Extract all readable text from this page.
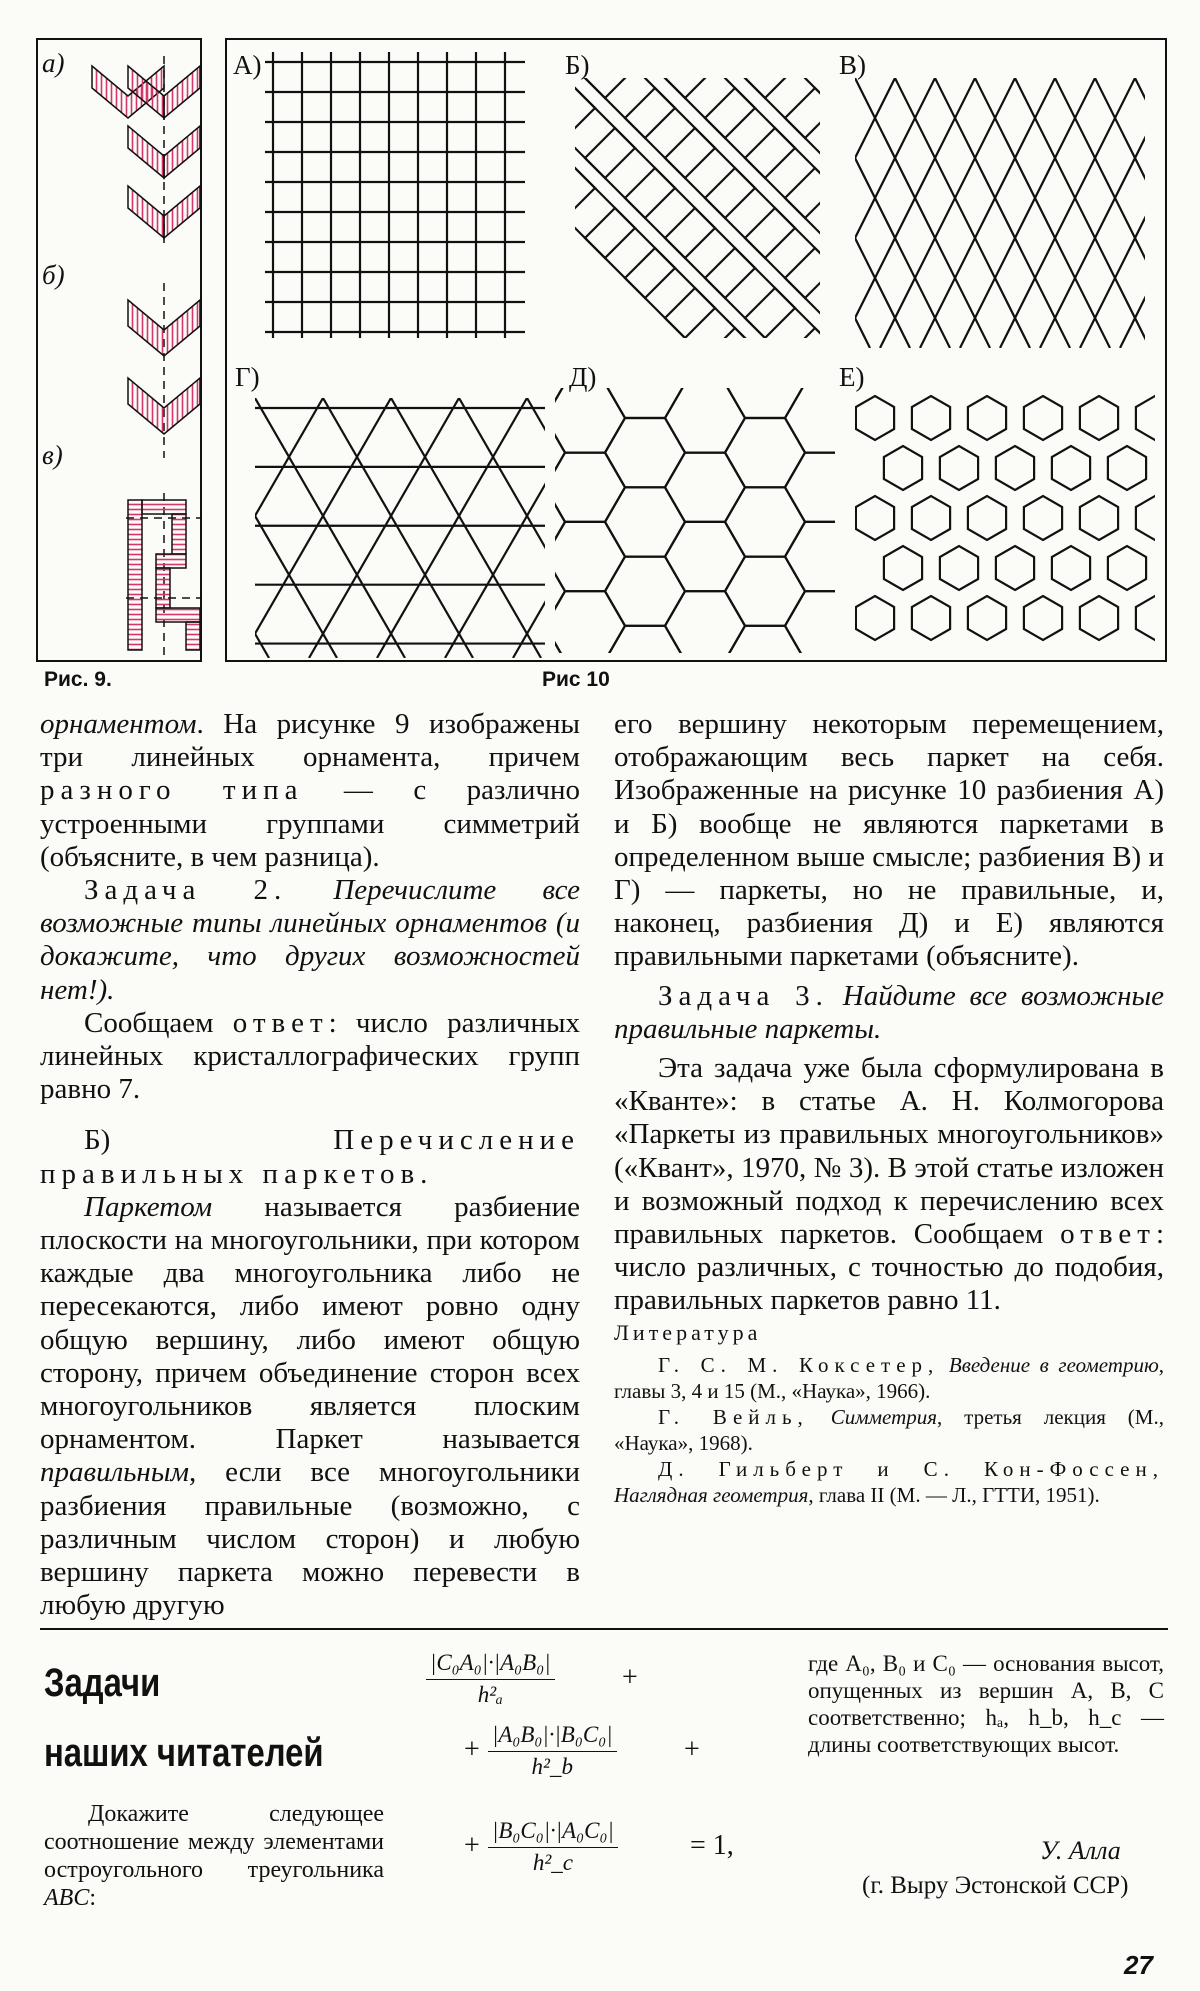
а)
б)
в)
Рис. 9.
А)	Б)	В)
Г)	Д)	Е)
Рис 10

орнаментом. На рисунке 9 изображены три линейных орнамента, причем разного типа — с различно устроенными группами симметрий (объясните, в чем разница).

Задача 2. Перечислите все возможные типы линейных орнаментов (и докажите, что других возможностей нет!).

Сообщаем ответ: число различных линейных кристаллографических групп равно 7.

Б) Перечисление правильных паркетов.

Паркетом называется разбиение плоскости на многоугольники, при котором каждые два многоугольника либо не пересекаются, либо имеют ровно одну общую вершину, либо имеют общую сторону, причем объединение сторон всех многоугольников является плоским орнаментом. Паркет называется правильным, если все многоугольники разбиения правильные (возможно, с различным числом сторон) и любую вершину паркета можно перевести в любую другую

его вершину некоторым перемещением, отображающим весь паркет на себя. Изображенные на рисунке 10 разбиения А) и Б) вообще не являются паркетами в определенном выше смысле; разбиения В) и Г) — паркеты, но не правильные, и, наконец, разбиения Д) и Е) являются правильными паркетами (объясните).

Задача 3. Найдите все возможные правильные паркеты.

Эта задача уже была сформулирована в «Кванте»: в статье А. Н. Колмогорова «Паркеты из правильных многоугольников» («Квант», 1970, № 3). В этой статье изложен и возможный подход к перечислению всех правильных паркетов. Сообщаем ответ: число различных, с точностью до подобия, правильных паркетов равно 11.

Литература

Г. С. М. Коксетер, Введение в геометрию, главы 3, 4 и 15 (М., «Наука», 1966).

Г. Вейль, Симметрия, третья лекция (М., «Наука», 1968).

Д. Гильберт и С. Кон-Фоссен, Наглядная геометрия, глава II (М. — Л., ГТТИ, 1951).

Задачи
наших читателей
Докажите следующее соотношение между элементами остроугольного треугольника ABC:
$\frac{\text{|C₀A₀|·|A₀B₀|}}{\text{h²ₐ}}$ +
+ $\frac{\text{|A₀B₀|·|B₀C₀|}}{\text{h²\_b}}$ +
+ $\frac{\text{|B₀C₀|·|A₀C₀|}}{\text{h²\_c}}$	= 1,
где A₀, B₀ и C₀ — основания высот, опущенных из вершин A, B, C соответственно; hₐ, h_b, h_c — длины соответствующих высот.
У. Алла
(г. Выру Эстонской ССР)
27
